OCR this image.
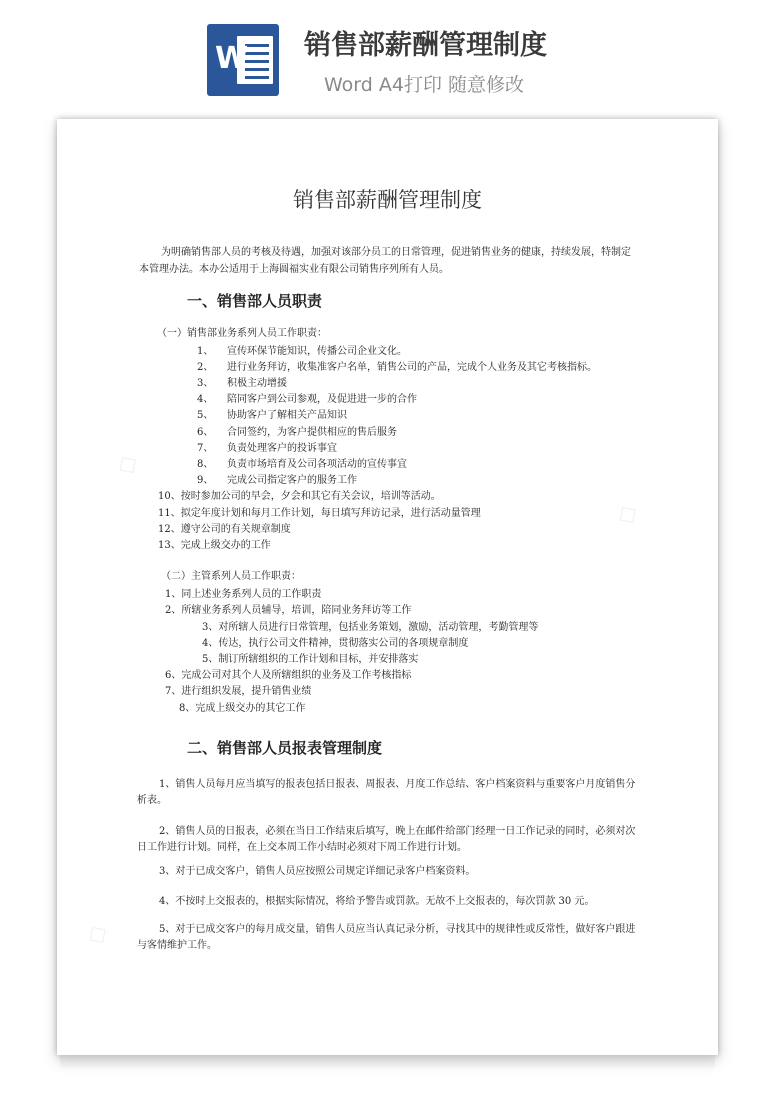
W 销售部薪酬管理制度
Word A4打印 随意修改
◇
◇
◇
销售部薪酬管理制度
为明确销售部人员的考核及待遇，加强对该部分员工的日常管理，促进销售业务的健康，持续发展，特制定本管理办法。本办公适用于上海圆福实业有限公司销售序列所有人员。
一、销售部人员职责
（一）销售部业务系列人员工作职责：
1、 宣传环保节能知识，传播公司企业文化。
2、 进行业务拜访，收集准客户名单，销售公司的产品，完成个人业务及其它考核指标。
3、 积极主动增援
4、 陪同客户到公司参观，及促进进一步的合作
5、 协助客户了解相关产品知识
6、 合同签约，为客户提供相应的售后服务
7、 负责处理客户的投诉事宜
8、 负责市场培育及公司各项活动的宣传事宜
9、 完成公司指定客户的服务工作
10、按时参加公司的早会，夕会和其它有关会议，培训等活动。
11、拟定年度计划和每月工作计划，每日填写拜访记录，进行活动量管理
12、遵守公司的有关规章制度
13、完成上级交办的工作
（二）主管系列人员工作职责：
1、同上述业务系列人员的工作职责
2、所辖业务系列人员辅导，培训，陪同业务拜访等工作
3、对所辖人员进行日常管理，包括业务策划，激励，活动管理，考勤管理等
4、传达，执行公司文件精神，贯彻落实公司的各项规章制度
5、制订所辖组织的工作计划和目标，并安排落实
6、完成公司对其个人及所辖组织的业务及工作考核指标
7、进行组织发展，提升销售业绩
8、完成上级交办的其它工作
二、销售部人员报表管理制度
1、销售人员每月应当填写的报表包括日报表、周报表、月度工作总结、客户档案资料与重要客户月度销售分析表。
2、销售人员的日报表，必须在当日工作结束后填写，晚上在邮件给部门经理一日工作记录的同时，必须对次日工作进行计划。同样，在上交本周工作小结时必须对下周工作进行计划。
3、对于已成交客户，销售人员应按照公司规定详细记录客户档案资料。
4、不按时上交报表的，根据实际情况，将给予警告或罚款。无故不上交报表的，每次罚款 30 元。
5、对于已成交客户的每月成交量，销售人员应当认真记录分析，寻找其中的规律性或反常性，做好客户跟进与客情维护工作。
